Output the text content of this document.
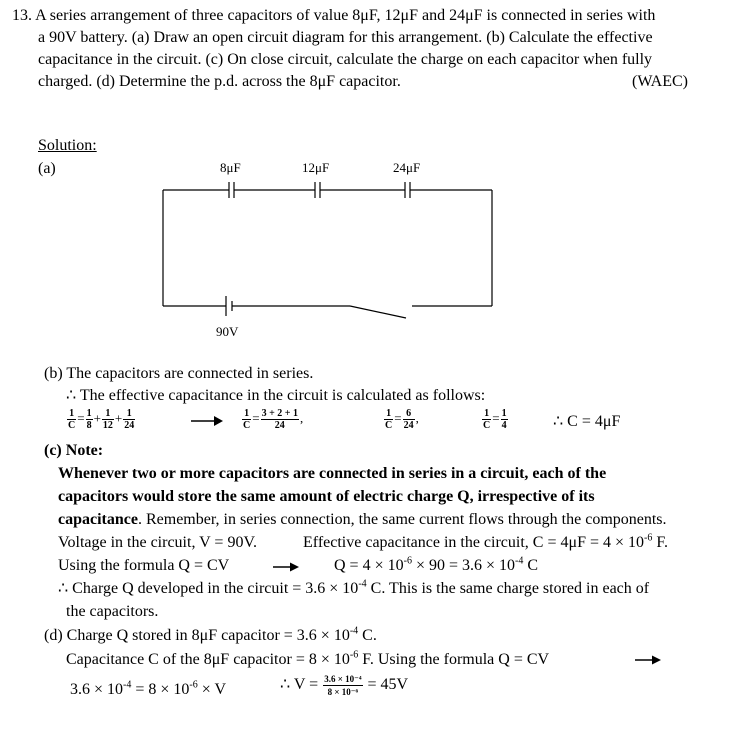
13. A series arrangement of three capacitors of value 8μF, 12μF and 24μF is connected in series with
a 90V battery. (a) Draw an open circuit diagram for this arrangement. (b) Calculate the effective
capacitance in the circuit. (c) On close circuit, calculate the charge on each capacitor when fully
charged. (d) Determine the p.d. across the 8μF capacitor.	(WAEC)
Solution:
(a)	8μF	12μF	24μF
90V
(b) The capacitors are connected in series.
∴ The effective capacitance in the circuit is calculated as follows:
$\frac{1}{C} = \frac{1}{8} + \frac{1}{12} + \frac{1}{24}$	$\frac{1}{C} = \frac{3 + 2 + 1}{24}$ ,	$\frac{1}{C} = \frac{6}{24}$ ,	$\frac{1}{C} = \frac{1}{4}$	∴ C = 4μF
(c) Note:
Whenever two or more capacitors are connected in series in a circuit, each of the
capacitors would store the same amount of electric charge Q, irrespective of its
capacitance. Remember, in series connection, the same current flows through the components.
Voltage in the circuit, V = 90V.	Effective capacitance in the circuit, $C = 4\mu F = 4 \times 10^{-6}$ F.
Using the formula Q = CV	$Q = 4 \times 10^{-6} \times 90 = 3.6 \times 10^{-4}$ C
∴ Charge Q developed in the circuit = $3.6 \times 10^{-4}$ C. This is the same charge stored in each of
the capacitors.
(d) Charge Q stored in 8μF capacitor = $3.6 \times 10^{-4}$ C.
Capacitance C of the 8μF capacitor = $8 \times 10^{-6}$ F. Using the formula Q = CV
$3.6 \times 10^{-4} = 8 \times 10^{-6} \times V$	∴ $V = \frac{\text{3.6 × 10⁻⁴}}{\text{8 × 10⁻⁶}} = 45V$
